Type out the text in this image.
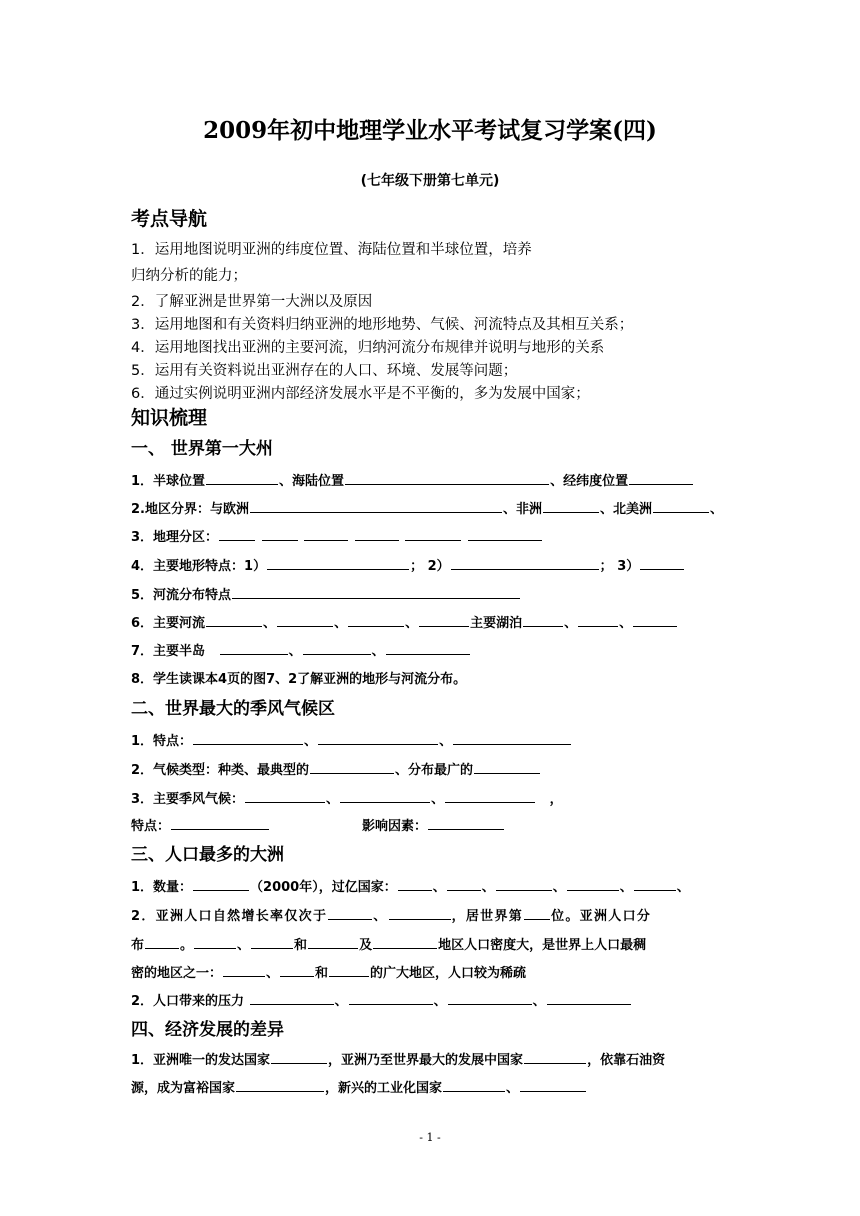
2009年初中地理学业水平考试复习学案(四)
(七年级下册第七单元)
考点导航
1．运用地图说明亚洲的纬度位置、海陆位置和半球位置，培养
归纳分析的能力；
2．了解亚洲是世界第一大洲以及原因
3．运用地图和有关资料归纳亚洲的地形地势、气候、河流特点及其相互关系；
4．运用地图找出亚洲的主要河流，归纳河流分布规律并说明与地形的关系
5．运用有关资料说出亚洲存在的人口、环境、发展等问题；
6．通过实例说明亚洲内部经济发展水平是不平衡的，多为发展中国家；
知识梳理
一、 世界第一大州
1．半球位置	、海陆位置	、经纬度位置
2.地区分界：与欧洲	、非洲	、北美洲	、
3．地理分区：
4．主要地形特点：1）	； 2）	； 3）
5．河流分布特点
6．主要河流	、	、	、	主要湖泊	、	、
7．主要半岛	、	、
8．学生读课本4页的图7、2了解亚洲的地形与河流分布。
二、世界最大的季风气候区
1．特点：	、	、
2．气候类型：种类、最典型的	、分布最广的
3．主要季风气候：	、	、	，
特点：	影响因素：
三、人口最多的大洲
1．数量：	（2000年），过亿国家：	、	、	、	、	、
2．亚洲人口自然增长率仅次于	、	，居世界第 位。亚洲人口分
布	。	、	和	及	地区人口密度大，是世界上人口最稠
密的地区之一：	、	和	的广大地区，人口较为稀疏
2．人口带来的压力	、	、	、
四、经济发展的差异
1．亚洲唯一的发达国家	，亚洲乃至世界最大的发展中国家	，依靠石油资
源，成为富裕国家	，新兴的工业化国家	、
- 1 -
